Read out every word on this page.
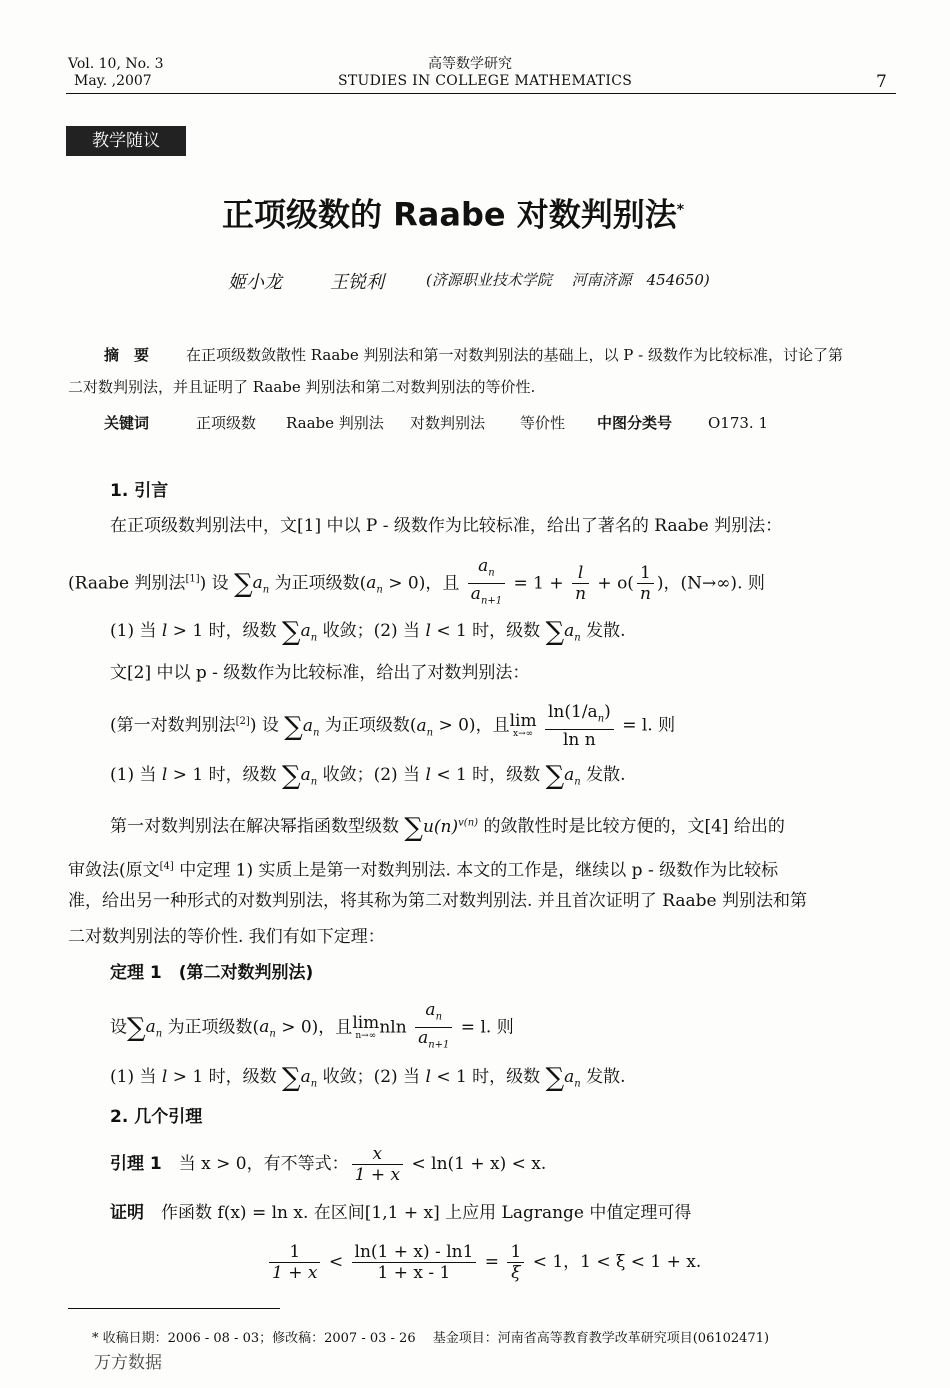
Vol. 10, No. 3
May. ,2007
高等数学研究
STUDIES IN COLLEGE MATHEMATICS	7
教学随议
正项级数的 Raabe 对数判别法*
姬小龙	王锐利	(济源职业技术学院　 河南济源　454650)
摘　要 在正项级数敛散性 Raabe 判别法和第一对数判别法的基础上，以 P - 级数作为比较标准，讨论了第
二对数判别法，并且证明了 Raabe 判别法和第二对数判别法的等价性.
关键词	正项级数 Raabe 判别法 对数判别法 等价性 中图分类号 O173. 1
1. 引言
在正项级数判别法中，文[1] 中以 P - 级数作为比较标准，给出了著名的 Raabe 判别法：
(Raabe 判别法[1]) 设 $\sum a_n$ 为正项级数$(a_n > 0)$，且 $\frac{a_n}{a_{n+1}} = 1 + \frac{l}{n} + o( \frac{1}{n}$ )，(N→∞). 则
(1) 当 l > 1 时，级数 $\sum a_n$ 收敛；(2) 当 l < 1 时，级数 $\sum a_n$ 发散.
文[2] 中以 p - 级数作为比较标准，给出了对数判别法：
(第一对数判别法[2]) 设 $\sum a_n$ 为正项级数$(a_n > 0)$，且lim
x→∞
$\frac{\ln(1/a_n)}{\text{ln n}} = l$. 则
(1) 当 l > 1 时，级数 $\sum a_n$ 收敛；(2) 当 l < 1 时，级数 $\sum a_n$ 发散.
第一对数判别法在解决幂指函数型级数 $\sum u(n)^{v(n)}$ 的敛散性时是比较方便的，文[4] 给出的
审敛法(原文[4] 中定理 1) 实质上是第一对数判别法. 本文的工作是，继续以 p - 级数作为比较标
准，给出另一种形式的对数判别法，将其称为第二对数判别法. 并且首次证明了 Raabe 判别法和第
二对数判别法的等价性. 我们有如下定理：
定理 1　 (第二对数判别法)
设$\sum a_n$ 为正项级数$(a_n > 0)$，且lim
n→∞ nln $\frac{a_n}{a_{n+1}} = l$. 则
(1) 当 l > 1 时，级数 $\sum a_n$ 收敛；(2) 当 l < 1 时，级数 $\sum a_n$ 发散.
2. 几个引理
引理 1　 当 x > 0，有不等式： $\frac{x}{1 + x} < \ln(1 + x) < x$.
证明　 作函数 f(x) = ln x. 在区间[1,1 + x] 上应用 Lagrange 中值定理可得
$\frac{1}{1 + x} < \frac{\ln(1 + x) - \ln 1}{1 + x - 1} = \frac{1}{\xi} < 1$，1 < ξ < 1 + x.
* 收稿日期：2006 - 08 - 03；修改稿：2007 - 03 - 26　 基金项目：河南省高等教育教学改革研究项目(06102471)
万方数据
